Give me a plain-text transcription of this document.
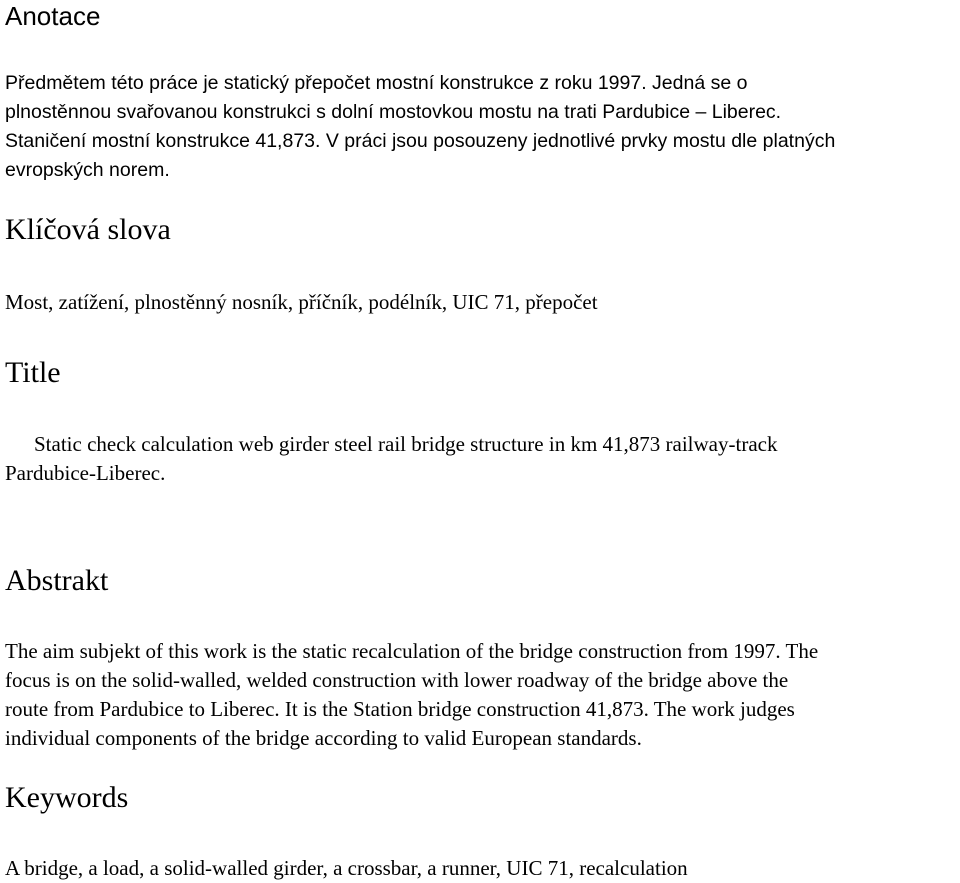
Anotace
Předmětem této práce je statický přepočet mostní konstrukce z roku 1997. Jedná se o
plnostěnnou svařovanou konstrukci s dolní mostovkou mostu na trati Pardubice – Liberec.
Staničení mostní konstrukce 41,873. V práci jsou posouzeny jednotlivé prvky mostu dle platných
evropských norem.
Klíčová slova

Most, zatížení, plnostěnný nosník, příčník, podélník, UIC 71, přepočet

Title
Static check calculation web girder steel rail bridge structure in km 41,873 railway-track
Pardubice-Liberec.
Abstrakt
The aim subjekt of this work is the static recalculation of the bridge construction from 1997. The
focus is on the solid-walled, welded construction with lower roadway of the bridge above the
route from Pardubice to Liberec. It is the Station bridge construction 41,873. The work judges
individual components of the bridge according to valid European standards.
Keywords

A bridge, a load, a solid-walled girder, a crossbar, a runner, UIC 71, recalculation
